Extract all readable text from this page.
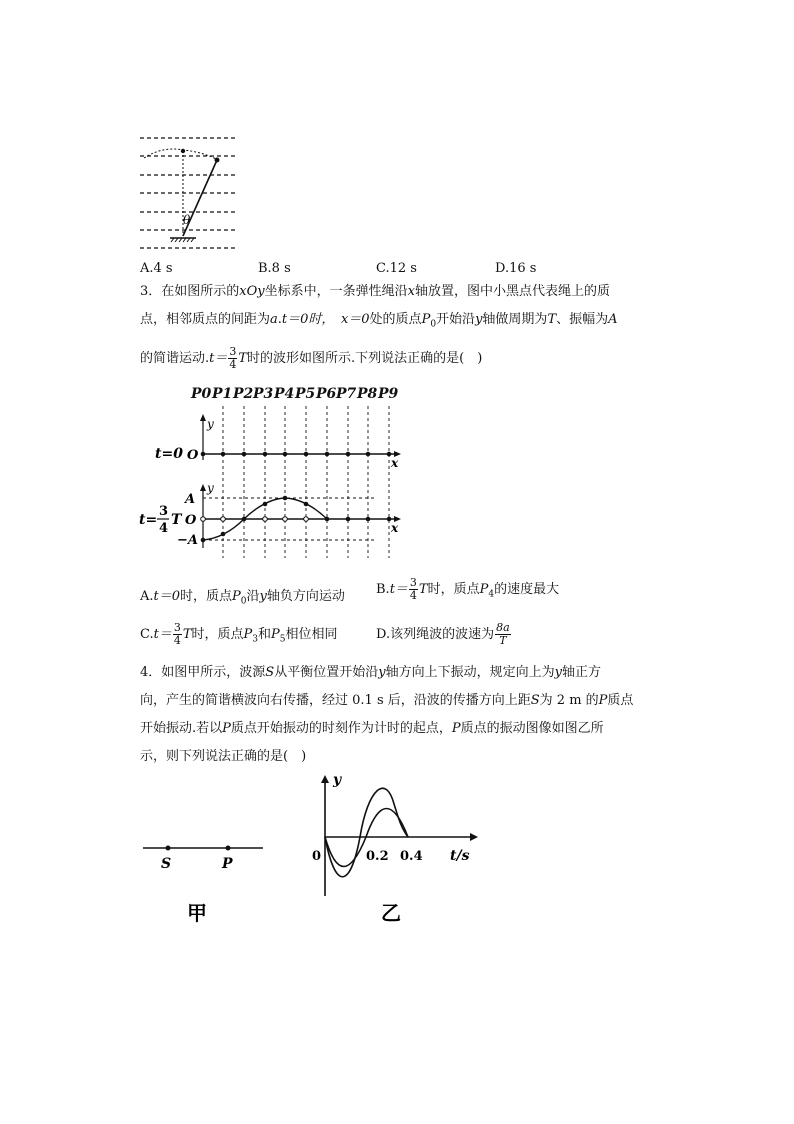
θ
A.4 s	B.8 s	C.12 s	D.16 s
3．在如图所示的xOy坐标系中，一条弹性绳沿x轴放置，图中小黑点代表绳上的质
点，相邻质点的间距为a.t＝0时，　 x＝0处的质点$P_0$开始沿y轴做周期为T、振幅为A
的简谐运动$.t= \frac{3}{4}$ T时的波形如图所示.下列说法正确的是(　)
P0 P1 P2 P3 P4 P5 P6 P7 P8 P9
y
x
t=0 O
y
x
A
O
−A
t=
3
4
T
A.t＝0时，质点$P_0$沿y轴负方向运动 $B.t= \frac{3}{4}$ T时，质点$P_4$的速度最大
$C.t= \frac{3}{4}$ T时，质点$P_3$和$P_5$相位相同	D.该列绳波的波速为 $\frac{8a}{T}$
4．如图甲所示，波源S从平衡位置开始沿y轴方向上下振动，规定向上为y轴正方
向，产生的简谐横波向右传播，经过 0.1 s 后，沿波的传播方向上距S为 2 m 的P质点
开始振动.若以P质点开始振动的时刻作为计时的起点，P质点的振动图像如图乙所
示，则下列说法正确的是(　)
S	P
甲
y
0	0.2 0.4 t/s
乙
